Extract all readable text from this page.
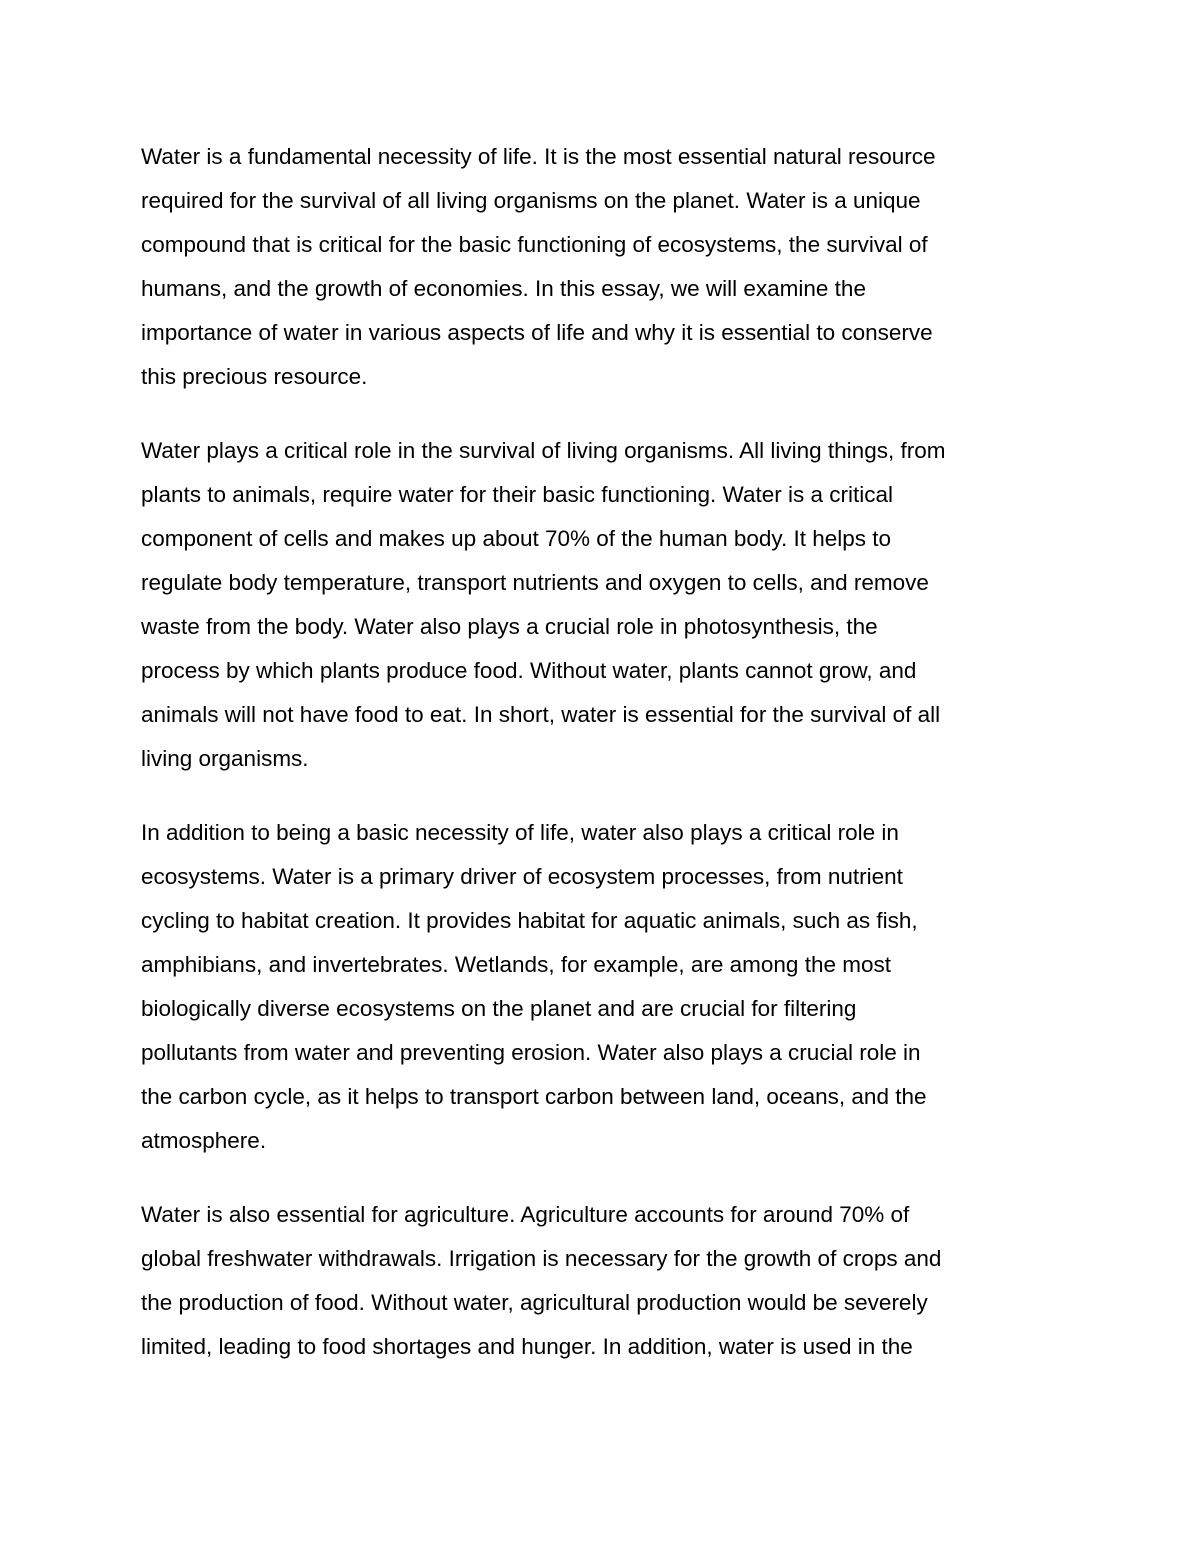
Water is a fundamental necessity of life. It is the most essential natural resource
required for the survival of all living organisms on the planet. Water is a unique
compound that is critical for the basic functioning of ecosystems, the survival of
humans, and the growth of economies. In this essay, we will examine the
importance of water in various aspects of life and why it is essential to conserve
this precious resource.

Water plays a critical role in the survival of living organisms. All living things, from
plants to animals, require water for their basic functioning. Water is a critical
component of cells and makes up about 70% of the human body. It helps to
regulate body temperature, transport nutrients and oxygen to cells, and remove
waste from the body. Water also plays a crucial role in photosynthesis, the
process by which plants produce food. Without water, plants cannot grow, and
animals will not have food to eat. In short, water is essential for the survival of all
living organisms.

In addition to being a basic necessity of life, water also plays a critical role in
ecosystems. Water is a primary driver of ecosystem processes, from nutrient
cycling to habitat creation. It provides habitat for aquatic animals, such as fish,
amphibians, and invertebrates. Wetlands, for example, are among the most
biologically diverse ecosystems on the planet and are crucial for filtering
pollutants from water and preventing erosion. Water also plays a crucial role in
the carbon cycle, as it helps to transport carbon between land, oceans, and the
atmosphere.

Water is also essential for agriculture. Agriculture accounts for around 70% of
global freshwater withdrawals. Irrigation is necessary for the growth of crops and
the production of food. Without water, agricultural production would be severely
limited, leading to food shortages and hunger. In addition, water is used in the
